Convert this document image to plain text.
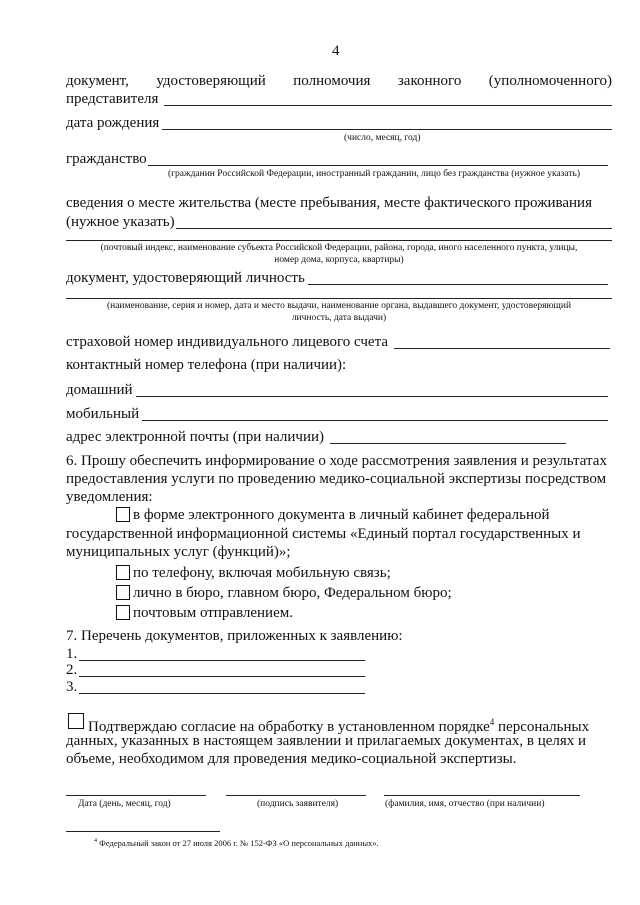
4
документ, удостоверяющий полномочия законного (уполномоченного)
представителя
дата рождения
(число, месяц, год)
гражданство
(гражданин Российской Федерации, иностранный гражданин, лицо без гражданства (нужное указать)
сведения о месте жительства (месте пребывания, месте фактического проживания
(нужное указать)
(почтовый индекс, наименование субъекта Российской Федерации, района, города, иного населенного пункта, улицы,
номер дома, корпуса, квартиры)
документ, удостоверяющий личность
(наименование, серия и номер, дата и место выдачи, наименование органа, выдавшего документ, удостоверяющий
личность, дата выдачи)
страховой номер индивидуального лицевого счета
контактный номер телефона (при наличии):
домашний
мобильный
адрес электронной почты (при наличии)
6. Прошу обеспечить информирование о ходе рассмотрения заявления и результатах
предоставления услуги по проведению медико-социальной экспертизы посредством
уведомления:
в форме электронного документа в личный кабинет федеральной
государственной информационной системы «Единый портал государственных и
муниципальных услуг (функций)»;
по телефону, включая мобильную связь;
лично в бюро, главном бюро, Федеральном бюро;
почтовым отправлением.
7. Перечень документов, приложенных к заявлению:
1.
2.
3.
Подтверждаю согласие на обработку в установленном порядке$^4$ персональных
данных, указанных в настоящем заявлении и прилагаемых документах, в целях и
объеме, необходимом для проведения медико-социальной экспертизы.
Дата (день, месяц, год)	(подпись заявителя)	(фамилия, имя, отчество (при наличии)
$^4$ Федеральный закон от 27 июля 2006 г. № 152-ФЗ «О персональных данных».
